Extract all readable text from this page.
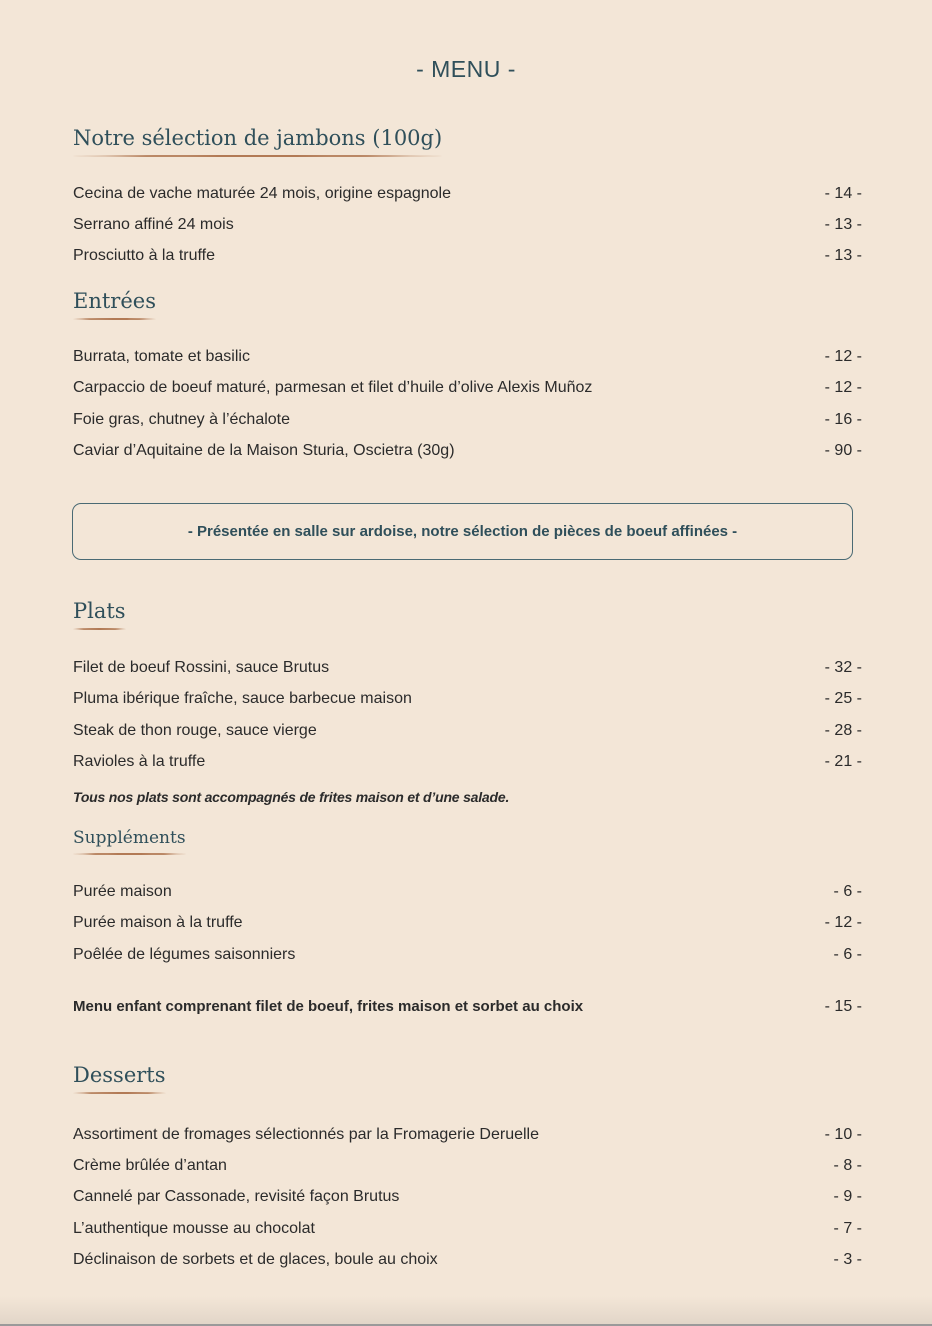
- MENU -
Notre sélection de jambons (100g)
Cecina de vache maturée 24 mois, origine espagnole	- 14 -
Serrano affiné 24 mois	- 13 -
Prosciutto à la truffe	- 13 -
Entrées
Burrata, tomate et basilic	- 12 -
Carpaccio de boeuf maturé, parmesan et filet d’huile d’olive Alexis Muñoz	- 12 -
Foie gras, chutney à l’échalote	- 16 -
Caviar d’Aquitaine de la Maison Sturia, Oscietra (30g)	- 90 -
- Présentée en salle sur ardoise, notre sélection de pièces de boeuf affinées -
Plats
Filet de boeuf Rossini, sauce Brutus	- 32 -
Pluma ibérique fraîche, sauce barbecue maison	- 25 -
Steak de thon rouge, sauce vierge	- 28 -
Ravioles à la truffe	- 21 -
Tous nos plats sont accompagnés de frites maison et d’une salade.
Suppléments
Purée maison	- 6 -
Purée maison à la truffe	- 12 -
Poêlée de légumes saisonniers	- 6 -
Menu enfant comprenant filet de boeuf, frites maison et sorbet au choix	- 15 -
Desserts
Assortiment de fromages sélectionnés par la Fromagerie Deruelle	- 10 -
Crème brûlée d’antan	- 8 -
Cannelé par Cassonade, revisité façon Brutus	- 9 -
L’authentique mousse au chocolat	- 7 -
Déclinaison de sorbets et de glaces, boule au choix	- 3 -
